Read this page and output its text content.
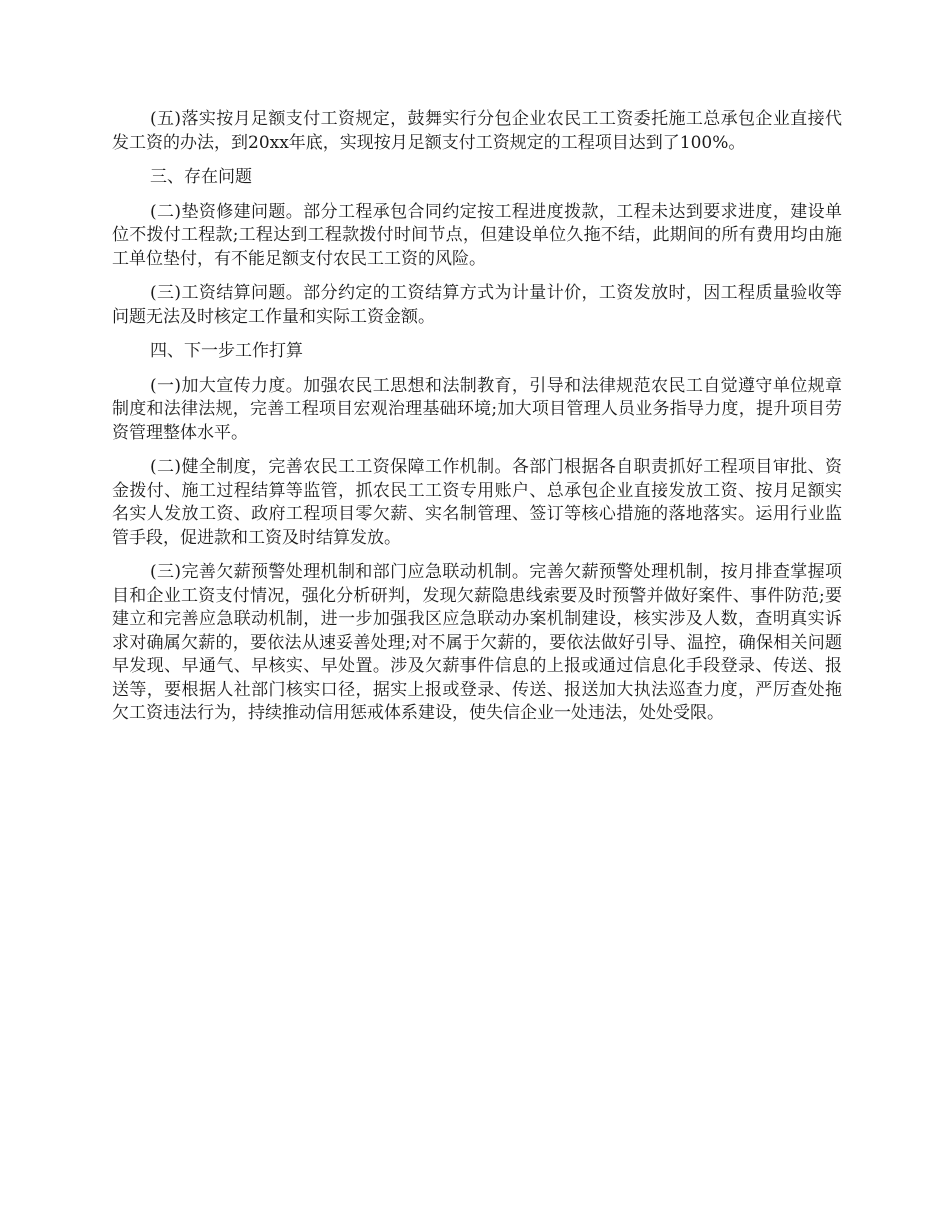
(五)落实按月足额支付工资规定，鼓舞实行分包企业农民工工资委托施工总承包企业直接代发工资的办法，到20xx年底，实现按月足额支付工资规定的工程项目达到了100%。

三、存在问题

(二)垫资修建问题。部分工程承包合同约定按工程进度拨款，工程未达到要求进度，建设单位不拨付工程款;工程达到工程款拨付时间节点，但建设单位久拖不结，此期间的所有费用均由施工单位垫付，有不能足额支付农民工工资的风险。

(三)工资结算问题。部分约定的工资结算方式为计量计价，工资发放时，因工程质量验收等问题无法及时核定工作量和实际工资金额。

四、下一步工作打算

(一)加大宣传力度。加强农民工思想和法制教育，引导和法律规范农民工自觉遵守单位规章制度和法律法规，完善工程项目宏观治理基础环境;加大项目管理人员业务指导力度，提升项目劳资管理整体水平。

(二)健全制度，完善农民工工资保障工作机制。各部门根据各自职责抓好工程项目审批、资金拨付、施工过程结算等监管，抓农民工工资专用账户、总承包企业直接发放工资、按月足额实名实人发放工资、政府工程项目零欠薪、实名制管理、签订等核心措施的落地落实。运用行业监管手段，促进款和工资及时结算发放。

(三)完善欠薪预警处理机制和部门应急联动机制。完善欠薪预警处理机制，按月排查掌握项目和企业工资支付情况，强化分析研判，发现欠薪隐患线索要及时预警并做好案件、事件防范;要建立和完善应急联动机制，进一步加强我区应急联动办案机制建设，核实涉及人数，查明真实诉求对确属欠薪的，要依法从速妥善处理;对不属于欠薪的，要依法做好引导、温控，确保相关问题早发现、早通气、早核实、早处置。涉及欠薪事件信息的上报或通过信息化手段登录、传送、报送等，要根据人社部门核实口径，据实上报或登录、传送、报送加大执法巡查力度，严厉查处拖欠工资违法行为，持续推动信用惩戒体系建设，使失信企业一处违法，处处受限。
